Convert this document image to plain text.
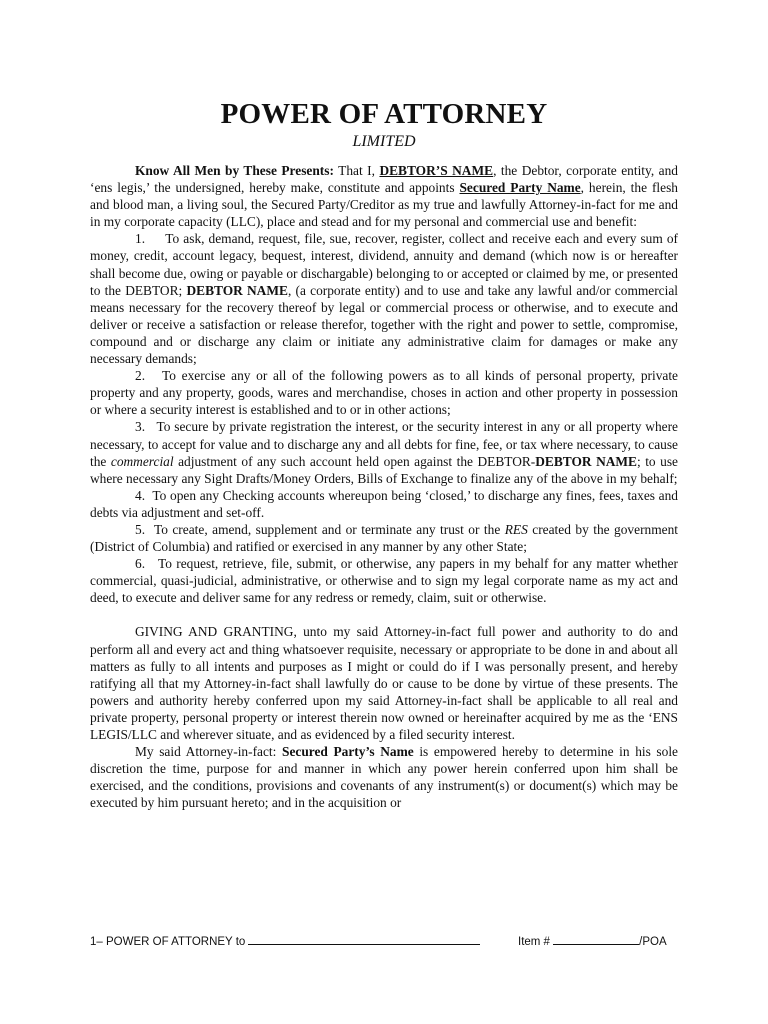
POWER OF ATTORNEY
LIMITED

Know All Men by These Presents: That I, DEBTOR’S NAME, the Debtor, corporate entity, and ‘ens legis,’ the undersigned, hereby make, constitute and appoints Secured Party Name, herein, the flesh and blood man, a living soul, the Secured Party/Creditor as my true and lawfully Attorney-in-fact for me and in my corporate capacity (LLC), place and stead and for my personal and commercial use and benefit:

1. To ask, demand, request, file, sue, recover, register, collect and receive each and every sum of money, credit, account legacy, bequest, interest, dividend, annuity and demand (which now is or hereafter shall become due, owing or payable or dischargable) belonging to or accepted or claimed by me, or presented to the DEBTOR; DEBTOR NAME, (a corporate entity) and to use and take any lawful and/or commercial means necessary for the recovery thereof by legal or commercial process or otherwise, and to execute and deliver or receive a satisfaction or release therefor, together with the right and power to settle, compromise, compound and or discharge any claim or initiate any administrative claim for damages or make any necessary demands;

2. To exercise any or all of the following powers as to all kinds of personal property, private property and any property, goods, wares and merchandise, choses in action and other property in possession or where a security interest is established and to or in other actions;

3. To secure by private registration the interest, or the security interest in any or all property where necessary, to accept for value and to discharge any and all debts for fine, fee, or tax where necessary, to cause the commercial adjustment of any such account held open against the DEBTOR-DEBTOR NAME; to use where necessary any Sight Drafts/Money Orders, Bills of Exchange to finalize any of the above in my behalf;

4. To open any Checking accounts whereupon being ‘closed,’ to discharge any fines, fees, taxes and debts via adjustment and set-off.

5. To create, amend, supplement and or terminate any trust or the RES created by the government (District of Columbia) and ratified or exercised in any manner by any other State;

6. To request, retrieve, file, submit, or otherwise, any papers in my behalf for any matter whether commercial, quasi-judicial, administrative, or otherwise and to sign my legal corporate name as my act and deed, to execute and deliver same for any redress or remedy, claim, suit or otherwise.

GIVING AND GRANTING, unto my said Attorney-in-fact full power and authority to do and perform all and every act and thing whatsoever requisite, necessary or appropriate to be done in and about all matters as fully to all intents and purposes as I might or could do if I was personally present, and hereby ratifying all that my Attorney-in-fact shall lawfully do or cause to be done by virtue of these presents. The powers and authority hereby conferred upon my said Attorney-in-fact shall be applicable to all real and private property, personal property or interest therein now owned or hereinafter acquired by me as the ‘ENS LEGIS/LLC and wherever situate, and as evidenced by a filed security interest.

My said Attorney-in-fact: Secured Party’s Name is empowered hereby to determine in his sole discretion the time, purpose for and manner in which any power herein conferred upon him shall be exercised, and the conditions, provisions and covenants of any instrument(s) or document(s) which may be executed by him pursuant hereto; and in the acquisition or

1– POWER OF ATTORNEY to	Item #	/POA
